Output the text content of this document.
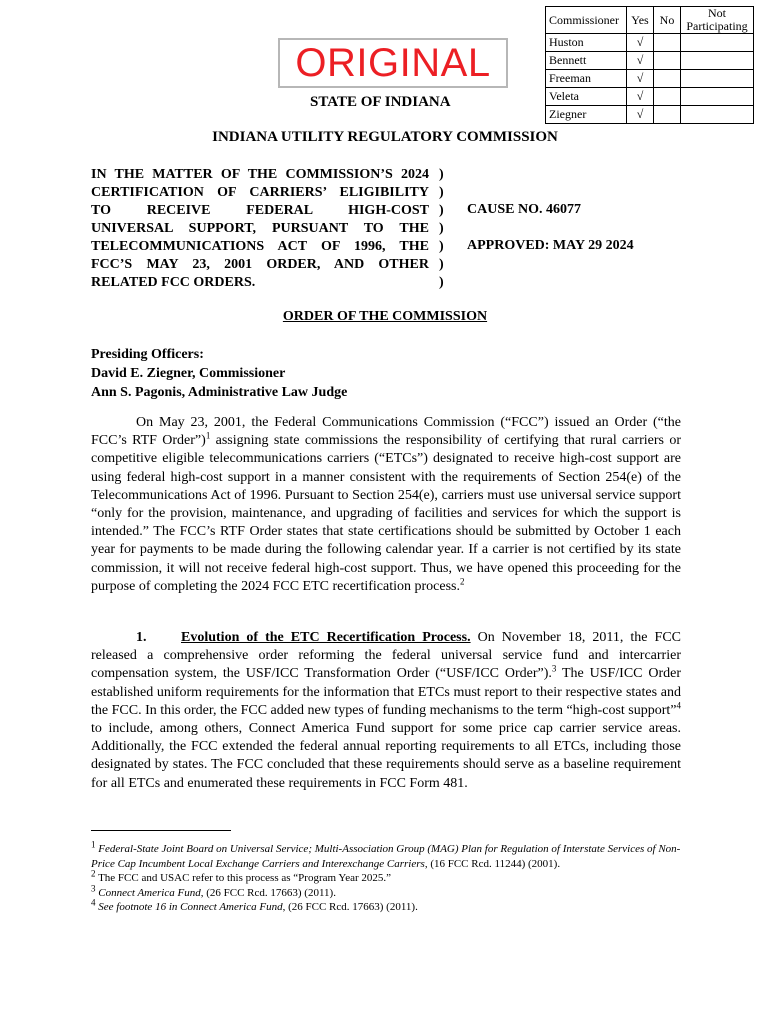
Commissioner	Yes	No	Not Participating
Huston	√		
Bennett	√		
Freeman	√		
Veleta	√		
Ziegner	√		
ORIGINAL
STATE OF INDIANA
INDIANA UTILITY REGULATORY COMMISSION
IN THE MATTER OF THE COMMISSION’S 2024
CERTIFICATION OF CARRIERS’ ELIGIBILITY
TO RECEIVE FEDERAL HIGH-COST
UNIVERSAL SUPPORT, PURSUANT TO THE
TELECOMMUNICATIONS ACT OF 1996, THE
FCC’S MAY 23, 2001 ORDER, AND OTHER
RELATED FCC ORDERS.
)
)
)
)
)
)
)
CAUSE NO. 46077
APPROVED: MAY 29 2024
ORDER OF THE COMMISSION
Presiding Officers:
David E. Ziegner, Commissioner
Ann S. Pagonis, Administrative Law Judge
On May 23, 2001, the Federal Communications Commission (“FCC”) issued an Order (“the FCC’s RTF Order”)$^1$ assigning state commissions the responsibility of certifying that rural carriers or competitive eligible telecommunications carriers (“ETCs”) designated to receive high-cost support are using federal high-cost support in a manner consistent with the requirements of Section 254(e) of the Telecommunications Act of 1996. Pursuant to Section 254(e), carriers must use universal service support “only for the provision, maintenance, and upgrading of facilities and services for which the support is intended.” The FCC’s RTF Order states that state certifications should be submitted by October 1 each year for payments to be made during the following calendar year. If a carrier is not certified by its state commission, it will not receive federal high-cost support. Thus, we have opened this proceeding for the purpose of completing the 2024 FCC ETC recertification process.$^2$
1. Evolution of the ETC Recertification Process. On November 18, 2011, the FCC released a comprehensive order reforming the federal universal service fund and intercarrier compensation system, the USF/ICC Transformation Order (“USF/ICC Order”).$^3$ The USF/ICC Order established uniform requirements for the information that ETCs must report to their respective states and the FCC. In this order, the FCC added new types of funding mechanisms to the term “high-cost support”$^4$ to include, among others, Connect America Fund support for some price cap carrier service areas. Additionally, the FCC extended the federal annual reporting requirements to all ETCs, including those designated by states. The FCC concluded that these requirements should serve as a baseline requirement for all ETCs and enumerated these requirements in FCC Form 481.
$^1$ Federal-State Joint Board on Universal Service; Multi-Association Group (MAG) Plan for Regulation of Interstate Services of Non-Price Cap Incumbent Local Exchange Carriers and Interexchange Carriers, (16 FCC Rcd. 11244) (2001).
$^2$ The FCC and USAC refer to this process as “Program Year 2025.”
$^3$ Connect America Fund, (26 FCC Rcd. 17663) (2011).
$^4$ See footnote 16 in Connect America Fund, (26 FCC Rcd. 17663) (2011).
